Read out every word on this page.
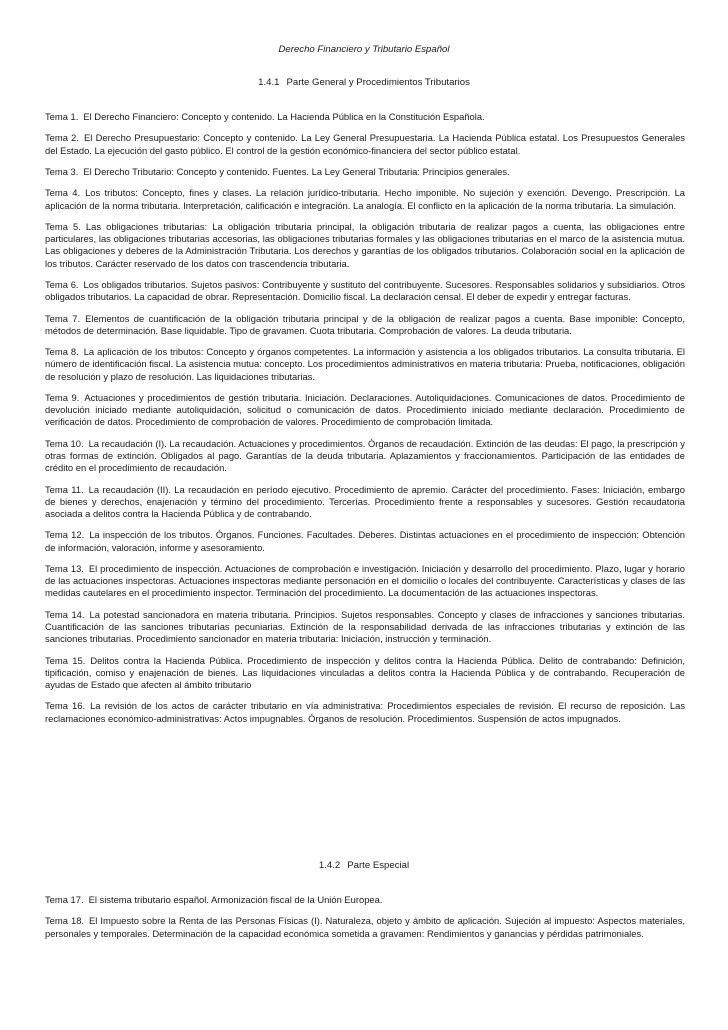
Derecho Financiero y Tributario Español
1.4.1 Parte General y Procedimientos Tributarios

Tema 1. El Derecho Financiero: Concepto y contenido. La Hacienda Pública en la Constitución Española.

Tema 2. El Derecho Presupuestario: Concepto y contenido. La Ley General Presupuestaria. La Hacienda Pública estatal. Los Presupuestos Generales del Estado. La ejecución del gasto público. El control de la gestión económico-financiera del sector público estatal.

Tema 3. El Derecho Tributario: Concepto y contenido. Fuentes. La Ley General Tributaria: Principios generales.

Tema 4. Los tributos: Concepto, fines y clases. La relación jurídico-tributaria. Hecho imponible. No sujeción y exención. Devengo. Prescripción. La aplicación de la norma tributaria. Interpretación, calificación e integración. La analogía. El conflicto en la aplicación de la norma tributaria. La simulación.

Tema 5. Las obligaciones tributarias: La obligación tributaria principal, la obligación tributaria de realizar pagos a cuenta, las obligaciones entre particulares, las obligaciones tributarias accesorias, las obligaciones tributarias formales y las obligaciones tributarias en el marco de la asistencia mutua. Las obligaciones y deberes de la Administración Tributaria. Los derechos y garantías de los obligados tributarios. Colaboración social en la aplicación de los tributos. Carácter reservado de los datos con trascendencia tributaria.

Tema 6. Los obligados tributarios. Sujetos pasivos: Contribuyente y sustituto del contribuyente. Sucesores. Responsables solidarios y subsidiarios. Otros obligados tributarios. La capacidad de obrar. Representación. Domicilio fiscal. La declaración censal. El deber de expedir y entregar facturas.

Tema 7. Elementos de cuantificación de la obligación tributaria principal y de la obligación de realizar pagos a cuenta. Base imponible: Concepto, métodos de determinación. Base liquidable. Tipo de gravamen. Cuota tributaria. Comprobación de valores. La deuda tributaria.

Tema 8. La aplicación de los tributos: Concepto y órganos competentes. La información y asistencia a los obligados tributarios. La consulta tributaria. El número de identificación fiscal. La asistencia mutua: concepto. Los procedimientos administrativos en materia tributaria: Prueba, notificaciones, obligación de resolución y plazo de resolución. Las liquidaciones tributarias.

Tema 9. Actuaciones y procedimientos de gestión tributaria. Iniciación. Declaraciones. Autoliquidaciones. Comunicaciones de datos. Procedimiento de devolución iniciado mediante autoliquidación, solicitud o comunicación de datos. Procedimiento iniciado mediante declaración. Procedimiento de verificación de datos. Procedimiento de comprobación de valores. Procedimiento de comprobación limitada.

Tema 10. La recaudación (I). La recaudación. Actuaciones y procedimientos. Órganos de recaudación. Extinción de las deudas: El pago, la prescripción y otras formas de extinción. Obligados al pago. Garantías de la deuda tributaria. Aplazamientos y fraccionamientos. Participación de las entidades de crédito en el procedimiento de recaudación.

Tema 11. La recaudación (II). La recaudación en período ejecutivo. Procedimiento de apremio. Carácter del procedimiento. Fases: Iniciación, embargo de bienes y derechos, enajenación y término del procedimiento. Tercerías. Procedimiento frente a responsables y sucesores. Gestión recaudatoria asociada a delitos contra la Hacienda Pública y de contrabando.

Tema 12. La inspección de los tributos. Órganos. Funciones. Facultades. Deberes. Distintas actuaciones en el procedimiento de inspección: Obtención de información, valoración, informe y asesoramiento.

Tema 13. El procedimiento de inspección. Actuaciones de comprobación e investigación. Iniciación y desarrollo del procedimiento. Plazo, lugar y horario de las actuaciones inspectoras. Actuaciones inspectoras mediante personación en el domicilio o locales del contribuyente. Características y clases de las medidas cautelares en el procedimiento inspector. Terminación del procedimiento. La documentación de las actuaciones inspectoras.

Tema 14. La potestad sancionadora en materia tributaria. Principios. Sujetos responsables. Concepto y clases de infracciones y sanciones tributarias. Cuantificación de las sanciones tributarias pecuniarias. Extinción de la responsabilidad derivada de las infracciones tributarias y extinción de las sanciones tributarias. Procedimiento sancionador en materia tributaria: Iniciación, instrucción y terminación.

Tema 15. Delitos contra la Hacienda Pública. Procedimiento de inspección y delitos contra la Hacienda Pública. Delito de contrabando: Definición, tipificación, comiso y enajenación de bienes. Las liquidaciones vinculadas a delitos contra la Hacienda Pública y de contrabando. Recuperación de ayudas de Estado que afecten al ámbito tributario

Tema 16. La revisión de los actos de carácter tributario en vía administrativa: Procedimientos especiales de revisión. El recurso de reposición. Las reclamaciones económico-administrativas: Actos impugnables. Órganos de resolución. Procedimientos. Suspensión de actos impugnados.

1.4.2 Parte Especial

Tema 17. El sistema tributario español. Armonización fiscal de la Unión Europea.

Tema 18. El Impuesto sobre la Renta de las Personas Físicas (I). Naturaleza, objeto y ámbito de aplicación. Sujeción al impuesto: Aspectos materiales, personales y temporales. Determinación de la capacidad económica sometida a gravamen: Rendimientos y ganancias y pérdidas patrimoniales.
